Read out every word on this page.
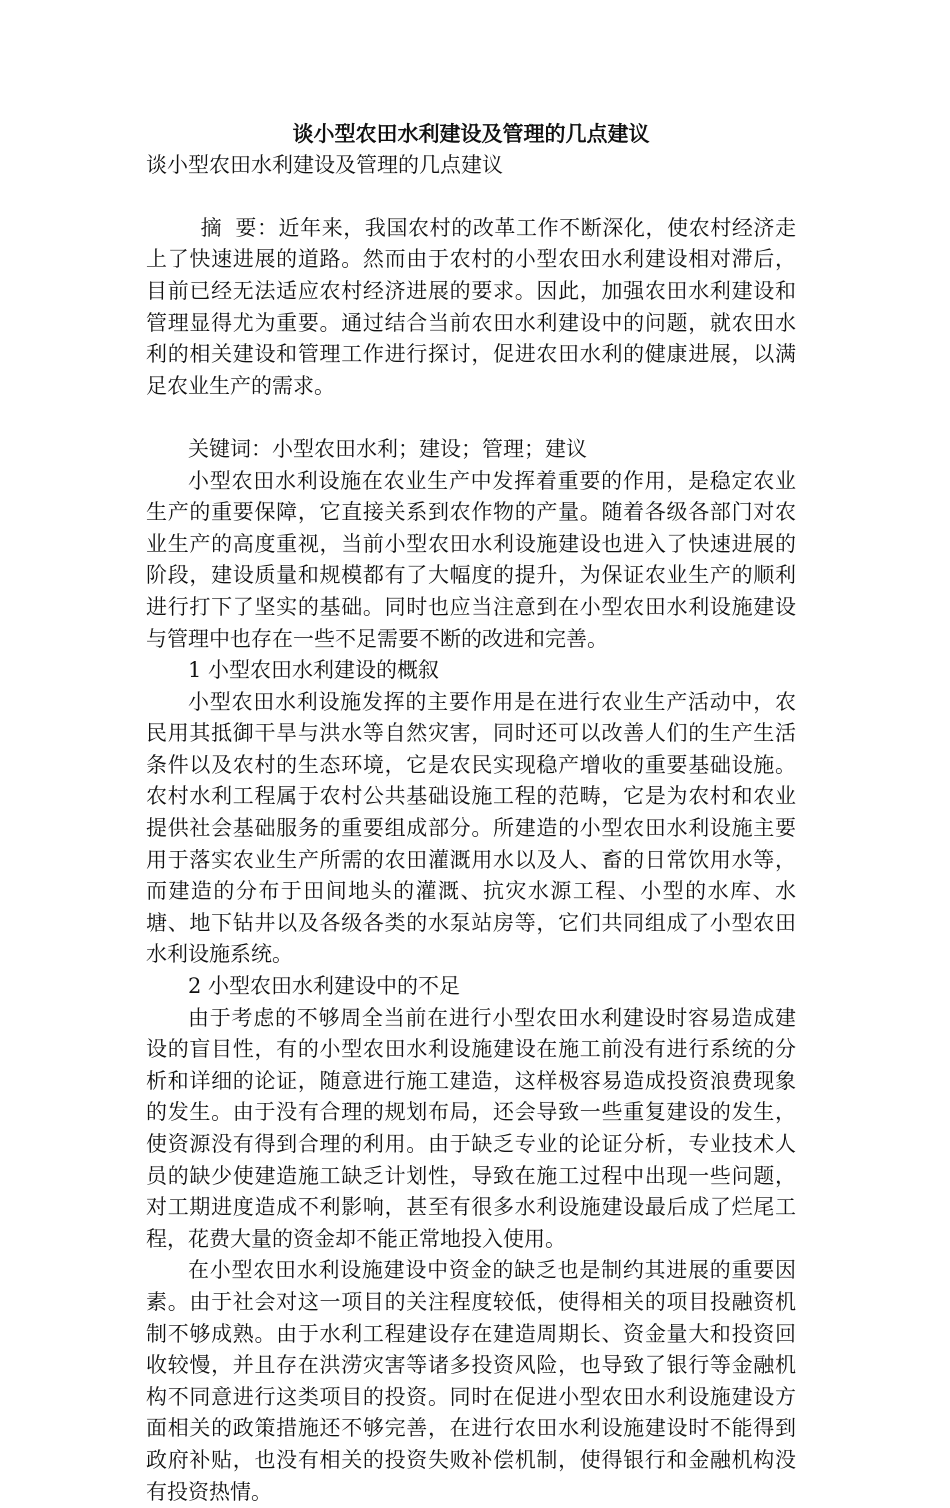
谈小型农田水利建设及管理的几点建议
谈小型农田水利建设及管理的几点建议

摘 要：近年来，我国农村的改革工作不断深化，使农村经济走上了快速进展的道路。然而由于农村的小型农田水利建设相对滞后，目前已经无法适应农村经济进展的要求。因此，加强农田水利建设和管理显得尤为重要。通过结合当前农田水利建设中的问题，就农田水利的相关建设和管理工作进行探讨，促进农田水利的健康进展，以满足农业生产的需求。

关键词：小型农田水利；建设；管理；建议

小型农田水利设施在农业生产中发挥着重要的作用，是稳定农业生产的重要保障，它直接关系到农作物的产量。随着各级各部门对农业生产的高度重视，当前小型农田水利设施建设也进入了快速进展的阶段，建设质量和规模都有了大幅度的提升，为保证农业生产的顺利进行打下了坚实的基础。同时也应当注意到在小型农田水利设施建设与管理中也存在一些不足需要不断的改进和完善。

1 小型农田水利建设的概叙

小型农田水利设施发挥的主要作用是在进行农业生产活动中，农民用其抵御干旱与洪水等自然灾害，同时还可以改善人们的生产生活条件以及农村的生态环境，它是农民实现稳产增收的重要基础设施。农村水利工程属于农村公共基础设施工程的范畴，它是为农村和农业提供社会基础服务的重要组成部分。所建造的小型农田水利设施主要用于落实农业生产所需的农田灌溉用水以及人、畜的日常饮用水等，而建造的分布于田间地头的灌溉、抗灾水源工程、小型的水库、水塘、地下钻井以及各级各类的水泵站房等，它们共同组成了小型农田水利设施系统。

2 小型农田水利建设中的不足

由于考虑的不够周全当前在进行小型农田水利建设时容易造成建设的盲目性，有的小型农田水利设施建设在施工前没有进行系统的分析和详细的论证，随意进行施工建造，这样极容易造成投资浪费现象的发生。由于没有合理的规划布局，还会导致一些重复建设的发生，使资源没有得到合理的利用。由于缺乏专业的论证分析，专业技术人员的缺少使建造施工缺乏计划性，导致在施工过程中出现一些问题，对工期进度造成不利影响，甚至有很多水利设施建设最后成了烂尾工程，花费大量的资金却不能正常地投入使用。

在小型农田水利设施建设中资金的缺乏也是制约其进展的重要因素。由于社会对这一项目的关注程度较低，使得相关的项目投融资机制不够成熟。由于水利工程建设存在建造周期长、资金量大和投资回收较慢，并且存在洪涝灾害等诸多投资风险，也导致了银行等金融机构不同意进行这类项目的投资。同时在促进小型农田水利设施建设方面相关的政策措施还不够完善，在进行农田水利设施建设时不能得到政府补贴，也没有相关的投资失败补偿机制，使得银行和金融机构没有投资热情。
